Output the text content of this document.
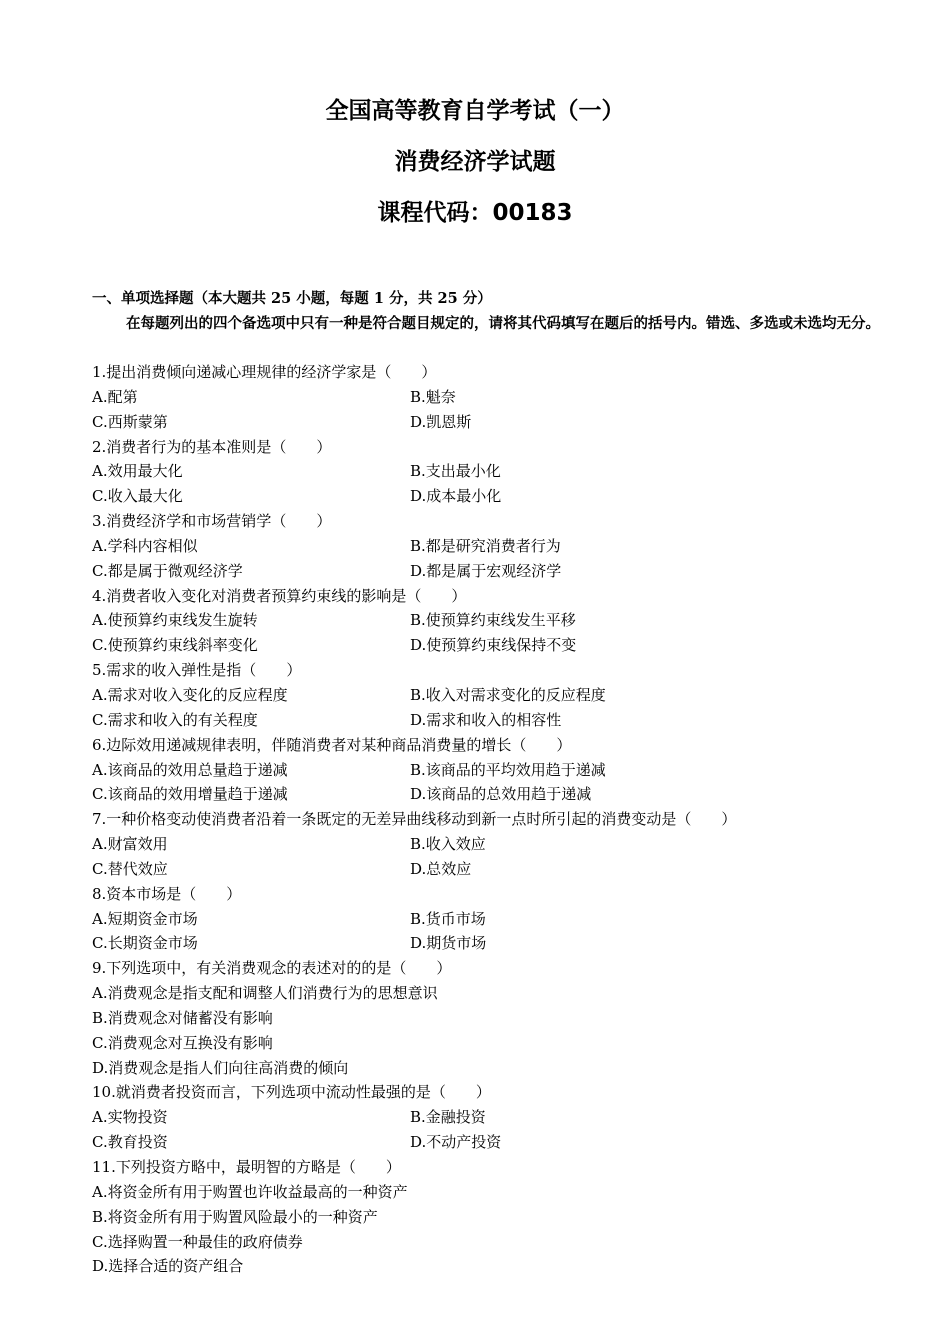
全国高等教育自学考试（一）
消费经济学试题
课程代码：00183
一、单项选择题（本大题共 25 小题，每题 1 分，共 25 分）
在每题列出的四个备选项中只有一种是符合题目规定的，请将其代码填写在题后的括号内。错选、多选或未选均无分。
1.提出消费倾向递减心理规律的经济学家是（　　）
A.配第	B.魁奈
C.西斯蒙第	D.凯恩斯
2.消费者行为的基本准则是（　　）
A.效用最大化	B.支出最小化
C.收入最大化	D.成本最小化
3.消费经济学和市场营销学（　　）
A.学科内容相似	B.都是研究消费者行为
C.都是属于微观经济学	D.都是属于宏观经济学
4.消费者收入变化对消费者预算约束线的影响是（　　）
A.使预算约束线发生旋转	B.使预算约束线发生平移
C.使预算约束线斜率变化	D.使预算约束线保持不变
5.需求的收入弹性是指（　　）
A.需求对收入变化的反应程度	B.收入对需求变化的反应程度
C.需求和收入的有关程度	D.需求和收入的相容性
6.边际效用递减规律表明，伴随消费者对某种商品消费量的增长（　　）
A.该商品的效用总量趋于递减	B.该商品的平均效用趋于递减
C.该商品的效用增量趋于递减	D.该商品的总效用趋于递减
7.一种价格变动使消费者沿着一条既定的无差异曲线移动到新一点时所引起的消费变动是（　　）
A.财富效用	B.收入效应
C.替代效应	D.总效应
8.资本市场是（　　）
A.短期资金市场	B.货币市场
C.长期资金市场	D.期货市场
9.下列选项中，有关消费观念的表述对的的是（　　）
A.消费观念是指支配和调整人们消费行为的思想意识
B.消费观念对储蓄没有影响
C.消费观念对互换没有影响
D.消费观念是指人们向往高消费的倾向
10.就消费者投资而言，下列选项中流动性最强的是（　　）
A.实物投资	B.金融投资
C.教育投资	D.不动产投资
11.下列投资方略中，最明智的方略是（　　）
A.将资金所有用于购置也许收益最高的一种资产
B.将资金所有用于购置风险最小的一种资产
C.选择购置一种最佳的政府债券
D.选择合适的资产组合
